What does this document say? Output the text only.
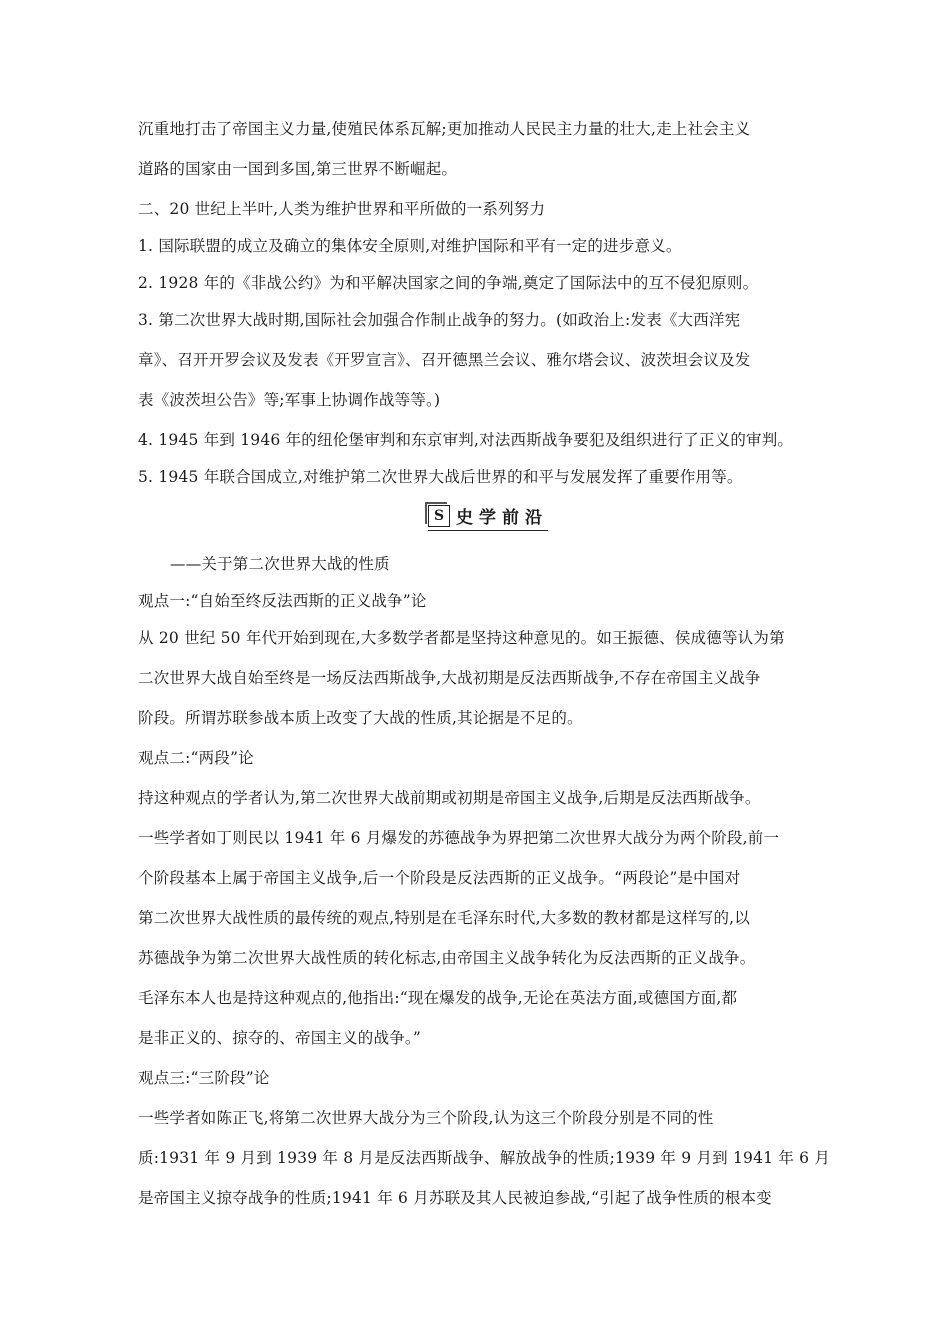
沉重地打击了帝国主义力量,使殖民体系瓦解;更加推动人民民主力量的壮大,走上社会主义
道路的国家由一国到多国,第三世界不断崛起。
二、20 世纪上半叶,人类为维护世界和平所做的一系列努力
1. 国际联盟的成立及确立的集体安全原则,对维护国际和平有一定的进步意义。
2. 1928 年的《非战公约》为和平解决国家之间的争端,奠定了国际法中的互不侵犯原则。
3. 第二次世界大战时期,国际社会加强合作制止战争的努力。(如政治上:发表《大西洋宪
章》、召开开罗会议及发表《开罗宣言》、召开德黑兰会议、雅尔塔会议、波茨坦会议及发
表《波茨坦公告》等;军事上协调作战等等。)
4. 1945 年到 1946 年的纽伦堡审判和东京审判,对法西斯战争要犯及组织进行了正义的审判。
5. 1945 年联合国成立,对维护第二次世界大战后世界的和平与发展发挥了重要作用等。
S 史学前沿
——关于第二次世界大战的性质
观点一:“自始至终反法西斯的正义战争”论
从 20 世纪 50 年代开始到现在,大多数学者都是坚持这种意见的。如王振德、侯成德等认为第
二次世界大战自始至终是一场反法西斯战争,大战初期是反法西斯战争,不存在帝国主义战争
阶段。所谓苏联参战本质上改变了大战的性质,其论据是不足的。
观点二:“两段”论
持这种观点的学者认为,第二次世界大战前期或初期是帝国主义战争,后期是反法西斯战争。
一些学者如丁则民以 1941 年 6 月爆发的苏德战争为界把第二次世界大战分为两个阶段,前一
个阶段基本上属于帝国主义战争,后一个阶段是反法西斯的正义战争。“两段论”是中国对
第二次世界大战性质的最传统的观点,特别是在毛泽东时代,大多数的教材都是这样写的,以
苏德战争为第二次世界大战性质的转化标志,由帝国主义战争转化为反法西斯的正义战争。
毛泽东本人也是持这种观点的,他指出:“现在爆发的战争,无论在英法方面,或德国方面,都
是非正义的、掠夺的、帝国主义的战争。”
观点三:“三阶段”论
一些学者如陈正飞,将第二次世界大战分为三个阶段,认为这三个阶段分别是不同的性
质:1931 年 9 月到 1939 年 8 月是反法西斯战争、解放战争的性质;1939 年 9 月到 1941 年 6 月
是帝国主义掠夺战争的性质;1941 年 6 月苏联及其人民被迫参战,“引起了战争性质的根本变
